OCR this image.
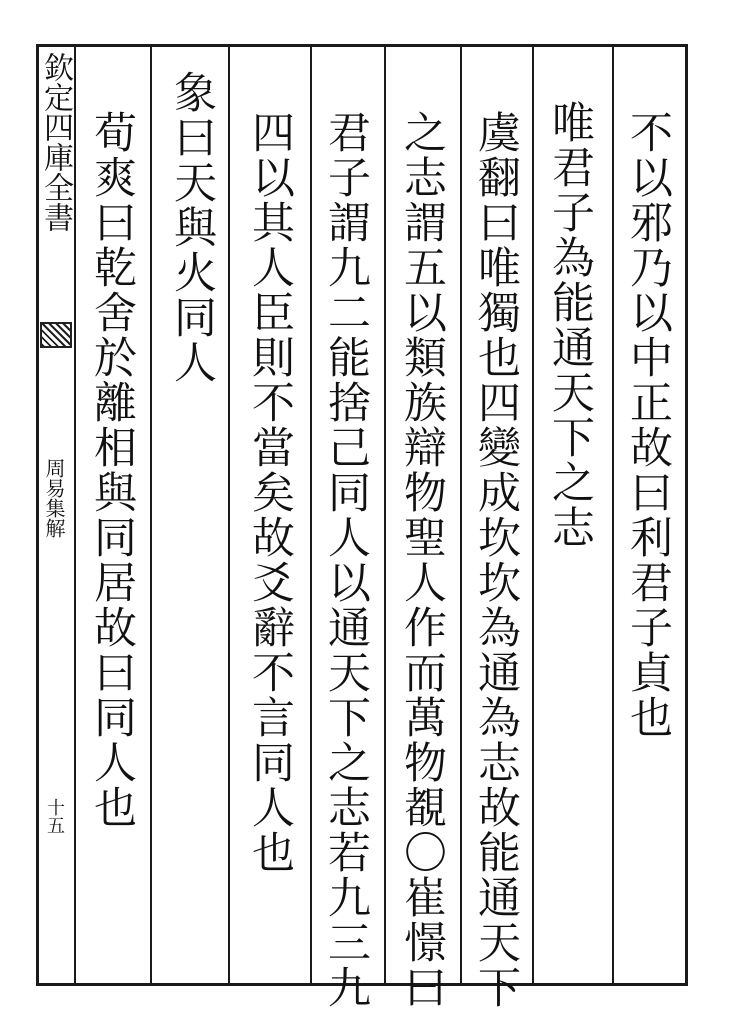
欽定四庫全書
周易集解
十五
不以邪乃以中正故曰利君子貞也
唯君子為能通天下之志
虞翻曰唯獨也四變成坎坎為通為志故能通天下
之志謂五以類族辯物聖人作而萬物覩〇崔憬曰
君子謂九二能捨己同人以通天下之志若九三九
四以其人臣則不當矣故爻辭不言同人也
象曰天與火同人
荀爽曰乾舍於離相與同居故曰同人也
